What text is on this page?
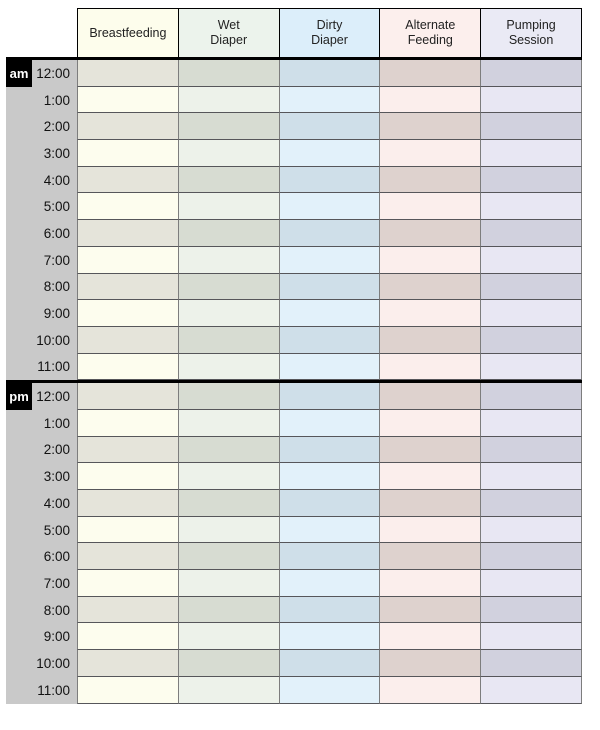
Breastfeeding
Wet
Diaper
Dirty
Diaper
Alternate
Feeding
Pumping
Session
am 12:00
1:00
2:00
3:00
4:00
5:00
6:00
7:00
8:00
9:00
10:00
11:00
pm 12:00
1:00
2:00
3:00
4:00
5:00
6:00
7:00
8:00
9:00
10:00
11:00
